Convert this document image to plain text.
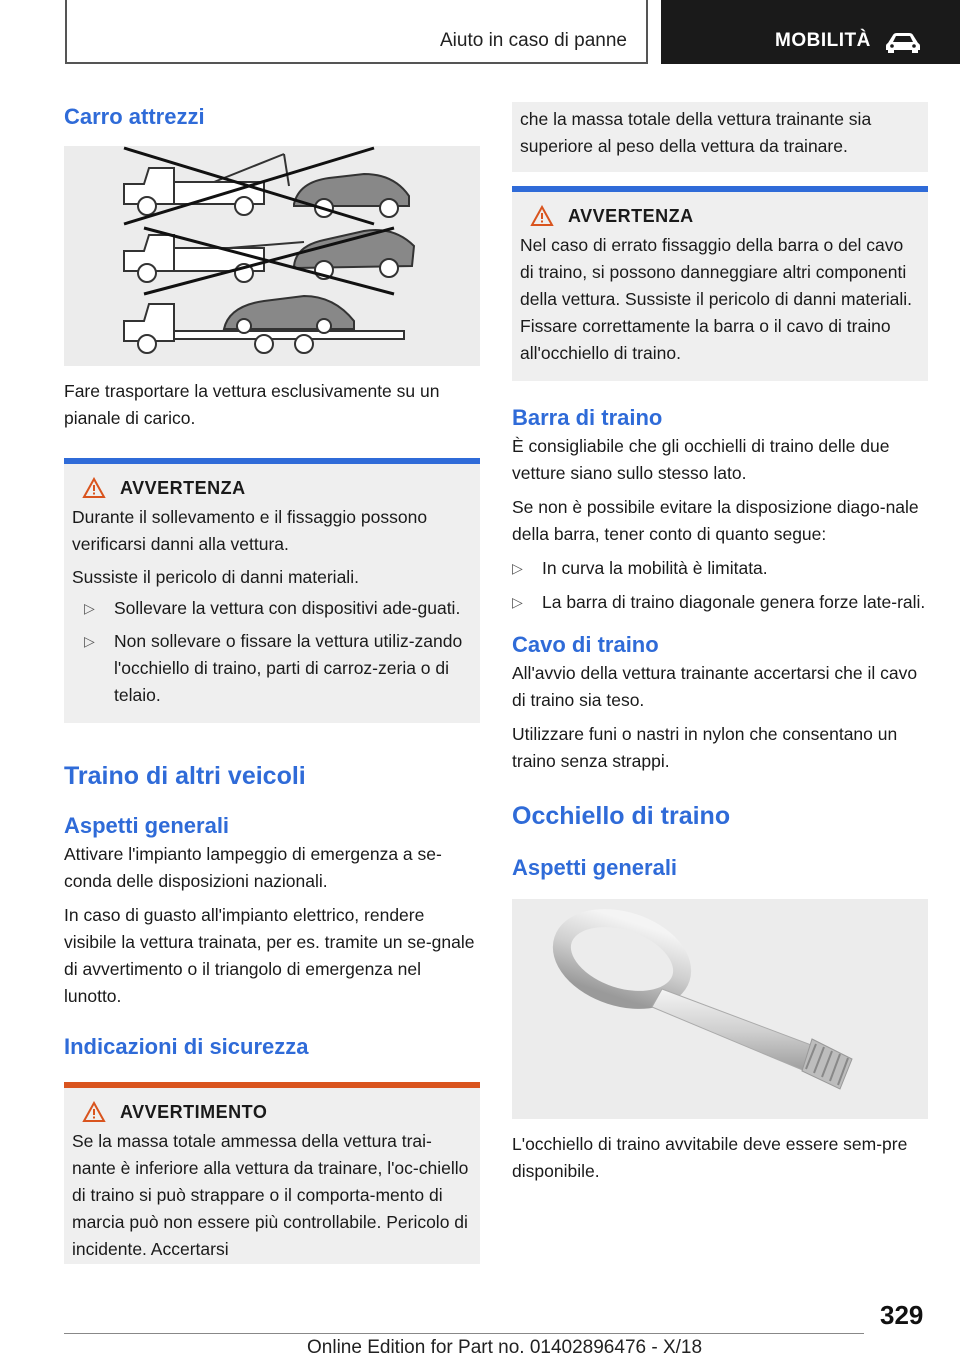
Aiuto in caso di panne	MOBILITÀ
Carro attrezzi

Fare trasportare la vettura esclusivamente su un pianale di carico.

AVVERTENZA

Durante il sollevamento e il fissaggio possono verificarsi danni alla vettura.

Sussiste il pericolo di danni materiali.

▷ Sollevare la vettura con dispositivi ade-guati.
▷ Non sollevare o fissare la vettura utiliz-zando l'occhiello di traino, parti di carroz-zeria o di telaio.
Traino di altri veicoli
Aspetti generali

Attivare l'impianto lampeggio di emergenza a se-conda delle disposizioni nazionali.

In caso di guasto all'impianto elettrico, rendere visibile la vettura trainata, per es. tramite un se-gnale di avvertimento o il triangolo di emergenza nel lunotto.

Indicazioni di sicurezza
AVVERTIMENTO

Se la massa totale ammessa della vettura trai-nante è inferiore alla vettura da trainare, l'oc-chiello di traino si può strappare o il comporta-mento di marcia può non essere più controllabile. Pericolo di incidente. Accertarsi

che la massa totale della vettura trainante sia superiore al peso della vettura da trainare.

AVVERTENZA

Nel caso di errato fissaggio della barra o del cavo di traino, si possono danneggiare altri componenti della vettura. Sussiste il pericolo di danni materiali. Fissare correttamente la barra o il cavo di traino all'occhiello di traino.

Barra di traino

È consigliabile che gli occhielli di traino delle due vetture siano sullo stesso lato.

Se non è possibile evitare la disposizione diago-nale della barra, tener conto di quanto segue:

▷ In curva la mobilità è limitata.
▷ La barra di traino diagonale genera forze late-rali.
Cavo di traino

All'avvio della vettura trainante accertarsi che il cavo di traino sia teso.

Utilizzare funi o nastri in nylon che consentano un traino senza strappi.

Occhiello di traino
Aspetti generali

L'occhiello di traino avvitabile deve essere sem-pre disponibile.

329
Online Edition for Part no. 01402896476 - X/18
